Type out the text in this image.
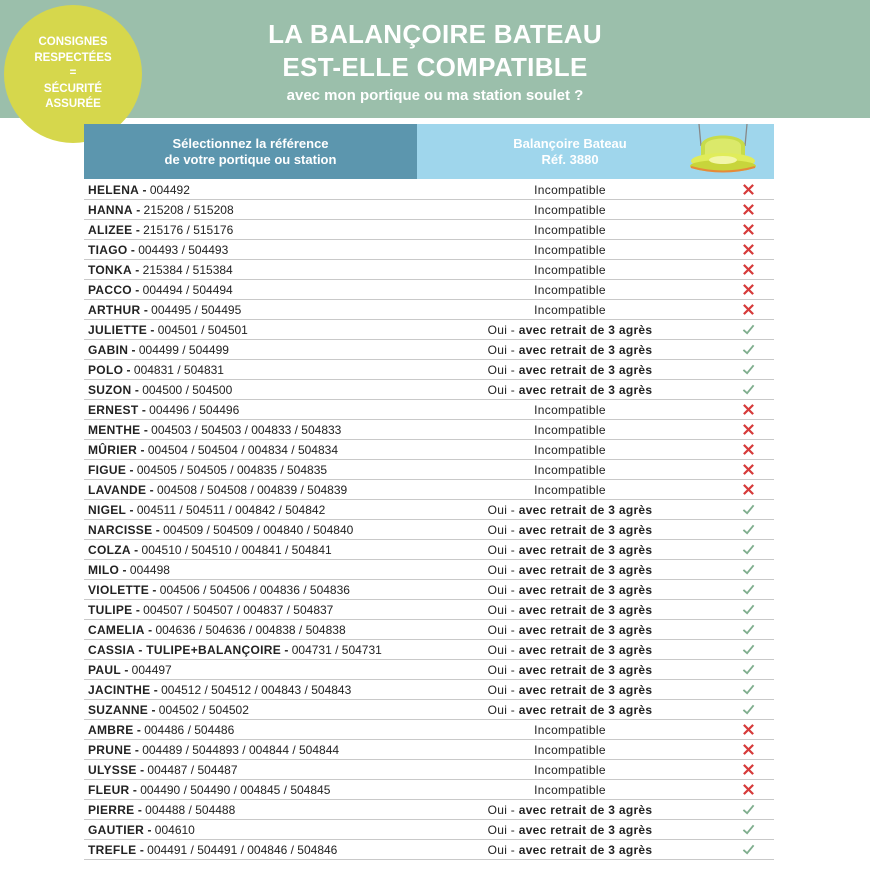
LA BALANÇOIRE BATEAU
EST-ELLE COMPATIBLE
avec mon portique ou ma station soulet ?
CONSIGNES
RESPECTÉES
=
SÉCURITÉ
ASSURÉE
Sélectionnez la référence
de votre portique ou station
Balançoire Bateau
Réf. 3880
HELENA - 004492	Incompatible
HANNA - 215208 / 515208	Incompatible
ALIZEE - 215176 / 515176	Incompatible
TIAGO - 004493 / 504493	Incompatible
TONKA - 215384 / 515384	Incompatible
PACCO - 004494 / 504494	Incompatible
ARTHUR - 004495 / 504495	Incompatible
JULIETTE - 004501 / 504501	Oui - avec retrait de 3 agrès
GABIN - 004499 / 504499	Oui - avec retrait de 3 agrès
POLO - 004831 / 504831	Oui - avec retrait de 3 agrès
SUZON - 004500 / 504500	Oui - avec retrait de 3 agrès
ERNEST - 004496 / 504496	Incompatible
MENTHE - 004503 / 504503 / 004833 / 504833	Incompatible
MÛRIER - 004504 / 504504 / 004834 / 504834	Incompatible
FIGUE - 004505 / 504505 / 004835 / 504835	Incompatible
LAVANDE - 004508 / 504508 / 004839 / 504839	Incompatible
NIGEL - 004511 / 504511 / 004842 / 504842	Oui - avec retrait de 3 agrès
NARCISSE - 004509 / 504509 / 004840 / 504840	Oui - avec retrait de 3 agrès
COLZA - 004510 / 504510 / 004841 / 504841	Oui - avec retrait de 3 agrès
MILO - 004498	Oui - avec retrait de 3 agrès
VIOLETTE - 004506 / 504506 / 004836 / 504836	Oui - avec retrait de 3 agrès
TULIPE - 004507 / 504507 / 004837 / 504837	Oui - avec retrait de 3 agrès
CAMELIA - 004636 / 504636 / 004838 / 504838	Oui - avec retrait de 3 agrès
CASSIA - TULIPE+BALANÇOIRE - 004731 / 504731	Oui - avec retrait de 3 agrès
PAUL - 004497	Oui - avec retrait de 3 agrès
JACINTHE - 004512 / 504512 / 004843 / 504843	Oui - avec retrait de 3 agrès
SUZANNE - 004502 / 504502	Oui - avec retrait de 3 agrès
AMBRE - 004486 / 504486	Incompatible
PRUNE - 004489 / 5044893 / 004844 / 504844	Incompatible
ULYSSE - 004487 / 504487	Incompatible
FLEUR - 004490 / 504490 / 004845 / 504845	Incompatible
PIERRE - 004488 / 504488	Oui - avec retrait de 3 agrès
GAUTIER - 004610	Oui - avec retrait de 3 agrès
TREFLE - 004491 / 504491 / 004846 / 504846	Oui - avec retrait de 3 agrès
